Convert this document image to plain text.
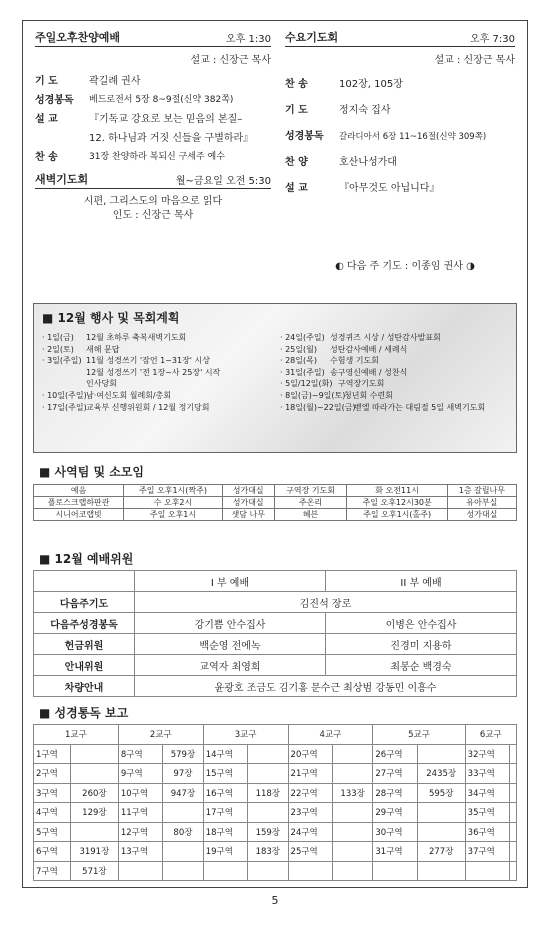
주일오후찬양예배	오후 1:30
설교 : 신장근 목사
기 도	곽길례 권사
성경봉독	베드로전서 5장 8~9절(신약 382쪽)
설 교	『기독교 강요로 보는 믿음의 본질–
12. 하나님과 거짓 신들을 구별하라』
찬 송	31장 찬양하라 복되신 구세주 예수
새벽기도회	월~금요일 오전 5:30
시편, 그리스도의 마음으로 읽다
인도 : 신장근 목사
수요기도회	오후 7:30
설교 : 신장근 목사
찬 송	102장, 105장
기 도	정지숙 집사
성경봉독	갈라디아서 6장 11~16절(신약 309쪽)
찬 양	호산나성가대
설 교	『아무것도 아닙니다』
◐ 다음 주 기도 : 이종임 권사 ◑
■ 12월 행사 및 목회계획
· 1일(금)	12월 초하루 축복새벽기도회
· 2일(토)	새해 문답
· 3일(주일) 11월 성경쓰기 '잠언 1~31장' 시상
12월 성경쓰기 '전 1장~사 25장' 시작
인사당회
· 10일(주일) 남·여신도회 월례회/총회
· 17일(주일) 교육부 신행위원회 / 12월 정기당회
· 24일(주일) 성경퀴즈 시상 / 성탄감사발표회
· 25일(월)	성탄감사예배 / 세례식
· 28일(목)	수험생 기도회
· 31일(주일) 송구영신예배 / 성찬식
· 5일/12일(화) 구역장기도회
· 8일(금)~9일(토)
청년회 수련회
· 18일(월)~22일(금)
벧엘 따라가는 대림절 5일 새벽기도회
■ 사역팀 및 소모임
예음	주일 오후1시(짝주)	성가대실	구역장 기도회	화 오전11시	1층 갈릴나무
플로스크랩하판관	수 오후2시	성가대실	주온리	주일 오후12시30분	유아부실
시니어코랩빗	주일 오후1시	샛담 나무	혜븐	주일 오후1시(홀주)	성가대실
■ 12월 예배위원
	I 부 예배	II 부 예배
다음주기도	김진석 장로	
다음주성경봉독	강기쁨 안수집사	이병은 안수집사
헌금위원	백순영 전에녹	진경미 지용하
안내위원	교역자 최영희	최봉순 백경숙
차량안내	윤광호 조금도 김기홍 문수근 최상범 강동민 이흥수	
■ 성경통독 보고
1교구		2교구		3교구		4교구		5교구		6교구	
1구역		8구역	579장	14구역		20구역		26구역		32구역	
2구역		9구역	97장	15구역		21구역		27구역	2435장	33구역	
3구역	260장	10구역	947장	16구역	118장	22구역	133장	28구역	595장	34구역	
4구역	129장	11구역		17구역		23구역		29구역		35구역	
5구역		12구역	80장	18구역	159장	24구역		30구역		36구역	
6구역	3191장	13구역		19구역	183장	25구역		31구역	277장	37구역	
7구역	571장										
5
